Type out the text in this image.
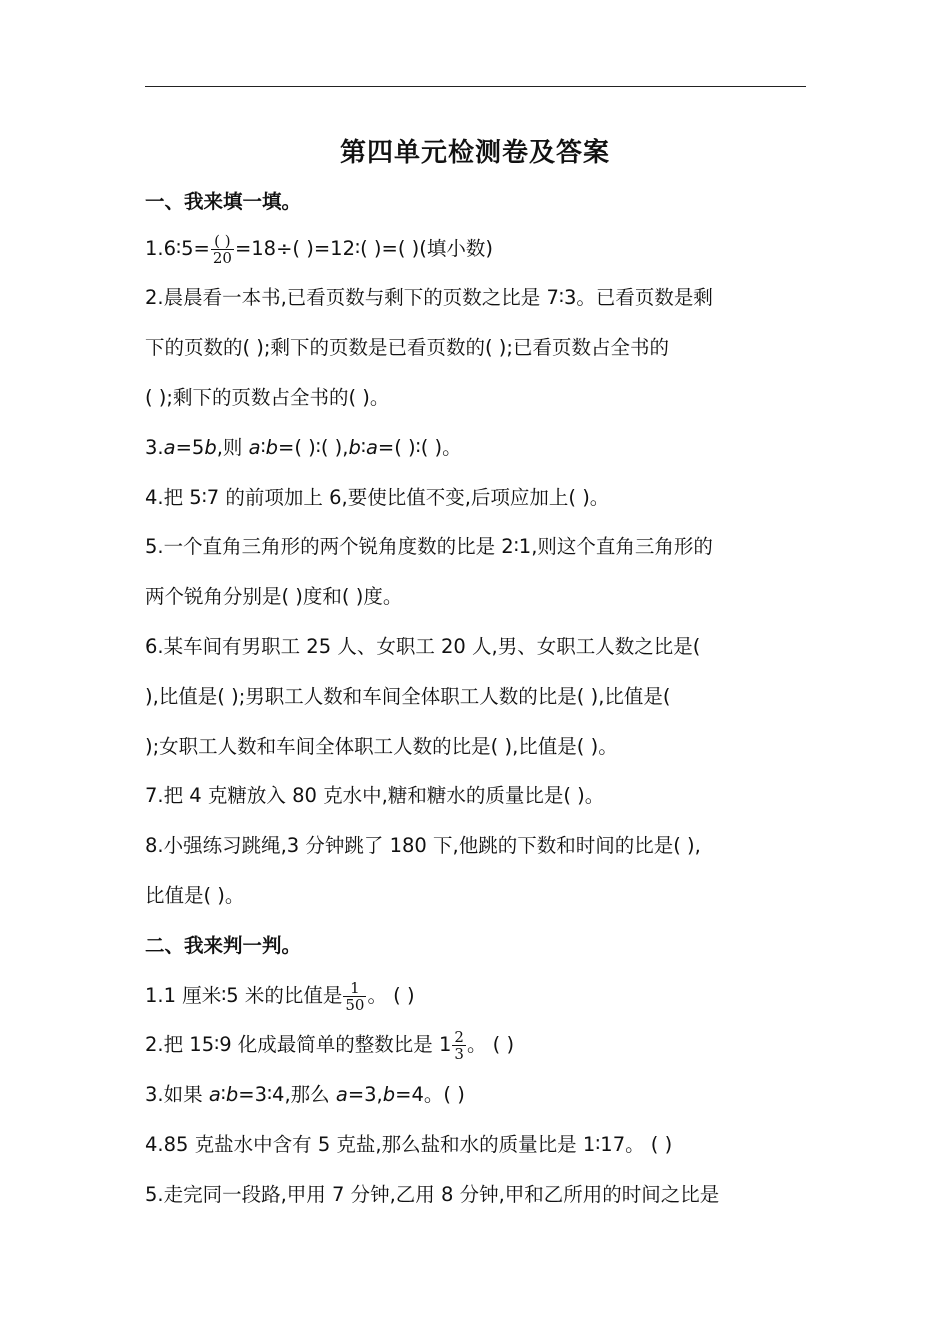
第四单元检测卷及答案
一、我来填一填。
1.6∶5= $\frac{( )}{20} =18\div$( )=12∶( )=( )(填小数)
2.晨晨看一本书,已看页数与剩下的页数之比是 7∶3。已看页数是剩
下的页数的( );剩下的页数是已看页数的( );已看页数占全书的
( );剩下的页数占全书的( )。
3.a=5b,则 a∶b=( )∶( ),b∶a=( )∶( )。
4.把 5∶7 的前项加上 6,要使比值不变,后项应加上( )。
5.一个直角三角形的两个锐角度数的比是 2∶1,则这个直角三角形的
两个锐角分别是( )度和( )度。
6.某车间有男职工 25 人、女职工 20 人,男、女职工人数之比是(
),比值是( );男职工人数和车间全体职工人数的比是( ),比值是(
);女职工人数和车间全体职工人数的比是( ),比值是( )。
7.把 4 克糖放入 80 克水中,糖和糖水的质量比是( )。
8.小强练习跳绳,3 分钟跳了 180 下,他跳的下数和时间的比是( ),
比值是( )。
二、我来判一判。
1.1 厘米∶5 米的比值是 $\frac{1}{50}$ 。 ( )
2.把 15∶9 化成最简单的整数比是 $1 \frac{2}{3}$ 。 ( )
3.如果 a∶b=3∶4,那么 a=3,b=4。( )
4.85 克盐水中含有 5 克盐,那么盐和水的质量比是 1∶17。 ( )
5.走完同一段路,甲用 7 分钟,乙用 8 分钟,甲和乙所用的时间之比是
